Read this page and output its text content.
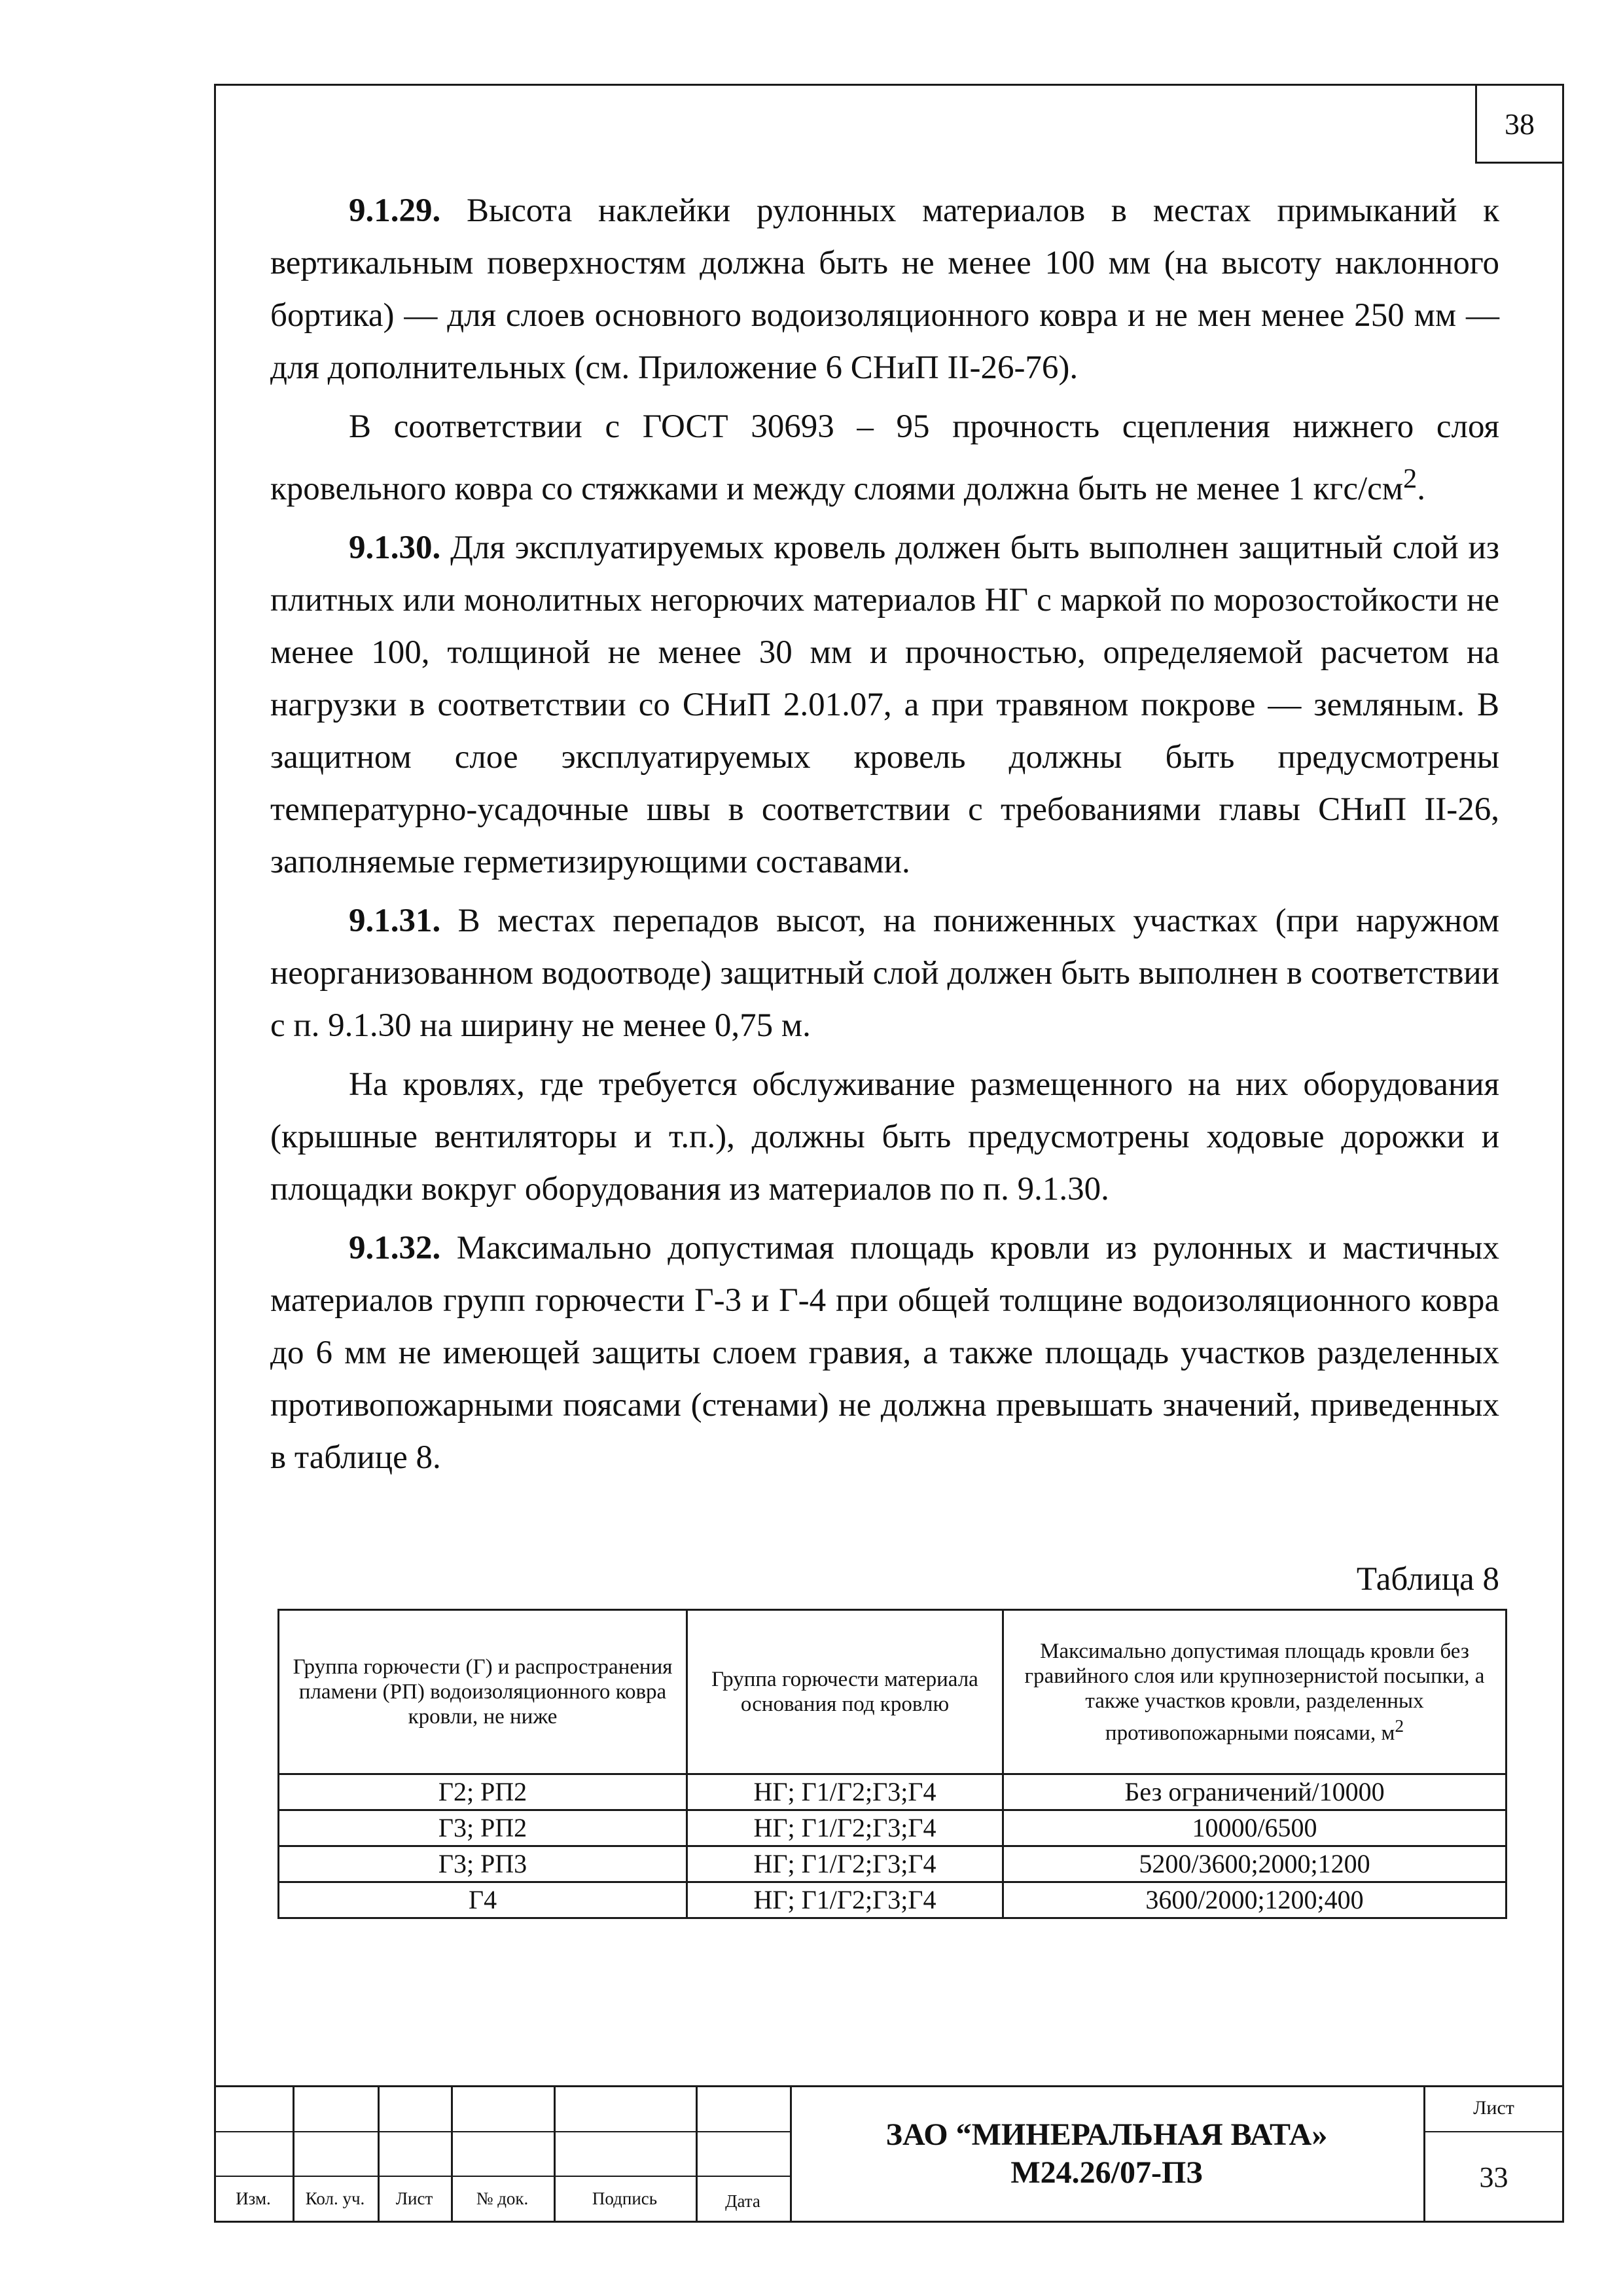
38

9.1.29. Высота наклейки рулонных материалов в местах примыканий к вертикальным поверхностям должна быть не менее 100 мм (на высоту наклонного бортика) — для слоев основного водоизоляционного ковра и не мен менее 250 мм — для дополнительных (см. Приложение 6 СНиП II-26-76).

В соответствии с ГОСТ 30693 – 95 прочность сцепления нижнего слоя кровельного ковра со стяжками и между слоями должна быть не менее 1 кгс/$см^2$.

9.1.30. Для эксплуатируемых кровель должен быть выполнен защитный слой из плитных или монолитных негорючих материалов НГ с маркой по морозостойкости не менее 100, толщиной не менее 30 мм и прочностью, определяемой расчетом на нагрузки в соответствии со СНиП 2.01.07, а при травяном покрове — земляным. В защитном слое эксплуатируемых кровель должны быть предусмотрены температурно-усадочные швы в соответствии с требованиями главы СНиП II-26, заполняемые герметизирующими составами.

9.1.31. В местах перепадов высот, на пониженных участках (при наружном неорганизованном водоотводе) защитный слой должен быть выполнен в соответствии с п. 9.1.30 на ширину не менее 0,75 м.

На кровлях, где требуется обслуживание размещенного на них оборудования (крышные вентиляторы и т.п.), должны быть предусмотрены ходовые дорожки и площадки вокруг оборудования из материалов по п. 9.1.30.

9.1.32. Максимально допустимая площадь кровли из рулонных и мастичных материалов групп горючести Г-3 и Г-4 при общей толщине водоизоляционного ковра до 6 мм не имеющей защиты слоем гравия, а также площадь участков разделенных противопожарными поясами (стенами) не должна превышать значений, приведенных в таблице 8.

Таблица 8
Группа горючести (Г) и распространения пламени (РП) водоизоляционного ковра кровли, не ниже	Группа горючести материала основания под кровлю	Максимально допустимая площадь кровли без гравийного слоя или крупнозернистой посыпки, а также участков кровли, разделенных противопожарными поясами, $м^2$
Г2; РП2	НГ; Г1/Г2;Г3;Г4	Без ограничений/10000
Г3; РП2	НГ; Г1/Г2;Г3;Г4	10000/6500
Г3; РП3	НГ; Г1/Г2;Г3;Г4	5200/3600;2000;1200
Г4	НГ; Г1/Г2;Г3;Г4	3600/2000;1200;400
Изм.	Кол. уч.	Лист	№ док.	Подпись	Дата
ЗАО “МИНЕРАЛЬНАЯ ВАТА»
М24.26/07-ПЗ
Лист
33
